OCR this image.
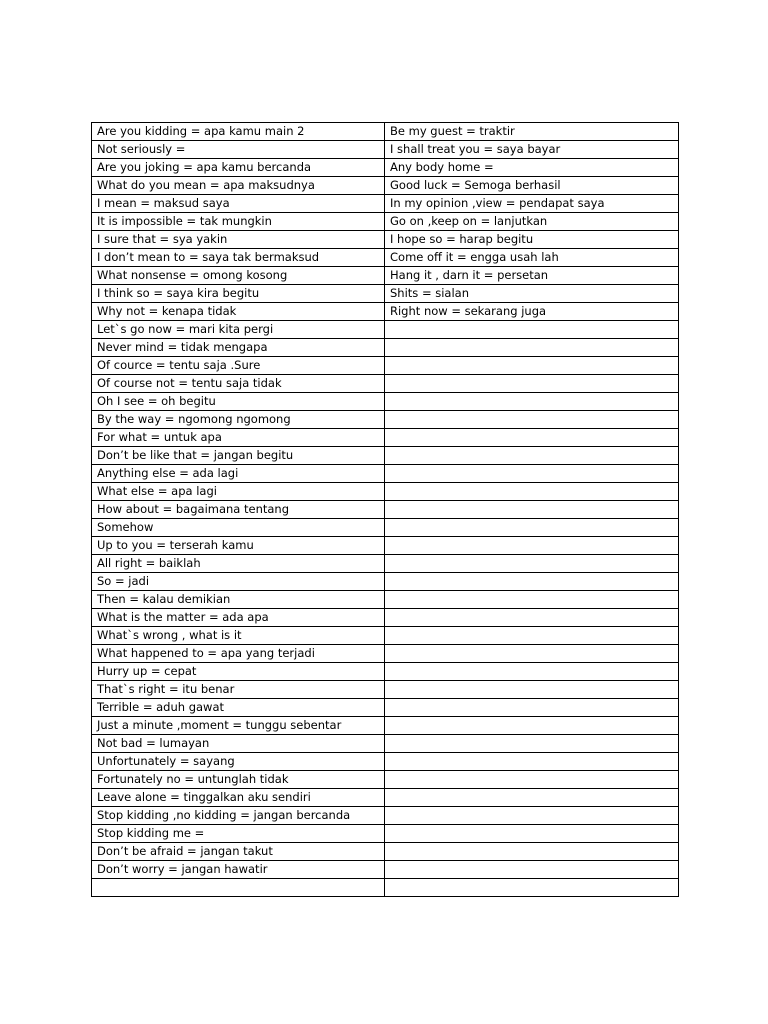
Are you kidding = apa kamu main 2	Be my guest = traktir
Not seriously =	I shall treat you = saya bayar
Are you joking = apa kamu bercanda	Any body home =
What do you mean = apa maksudnya	Good luck = Semoga berhasil
I mean = maksud saya	In my opinion ,view = pendapat saya
It is impossible = tak mungkin	Go on ,keep on = lanjutkan
I sure that = sya yakin	I hope so = harap begitu
I don’t mean to = saya tak bermaksud	Come off it = engga usah lah
What nonsense = omong kosong	Hang it , darn it = persetan
I think so = saya kira begitu	Shits = sialan
Why not = kenapa tidak	Right now = sekarang juga
Let`s go now = mari kita pergi	
Never mind = tidak mengapa	
Of cource = tentu saja .Sure	
Of course not = tentu saja tidak	
Oh I see = oh begitu	
By the way = ngomong ngomong	
For what = untuk apa	
Don’t be like that = jangan begitu	
Anything else = ada lagi	
What else = apa lagi	
How about = bagaimana tentang	
Somehow	
Up to you = terserah kamu	
All right = baiklah	
So = jadi	
Then = kalau demikian	
What is the matter = ada apa	
What`s wrong , what is it	
What happened to = apa yang terjadi	
Hurry up = cepat	
That`s right = itu benar	
Terrible = aduh gawat	
Just a minute ,moment = tunggu sebentar	
Not bad = lumayan	
Unfortunately = sayang	
Fortunately no = untunglah tidak	
Leave alone = tinggalkan aku sendiri	
Stop kidding ,no kidding = jangan bercanda	
Stop kidding me =	
Don’t be afraid = jangan takut	
Don’t worry = jangan hawatir	
